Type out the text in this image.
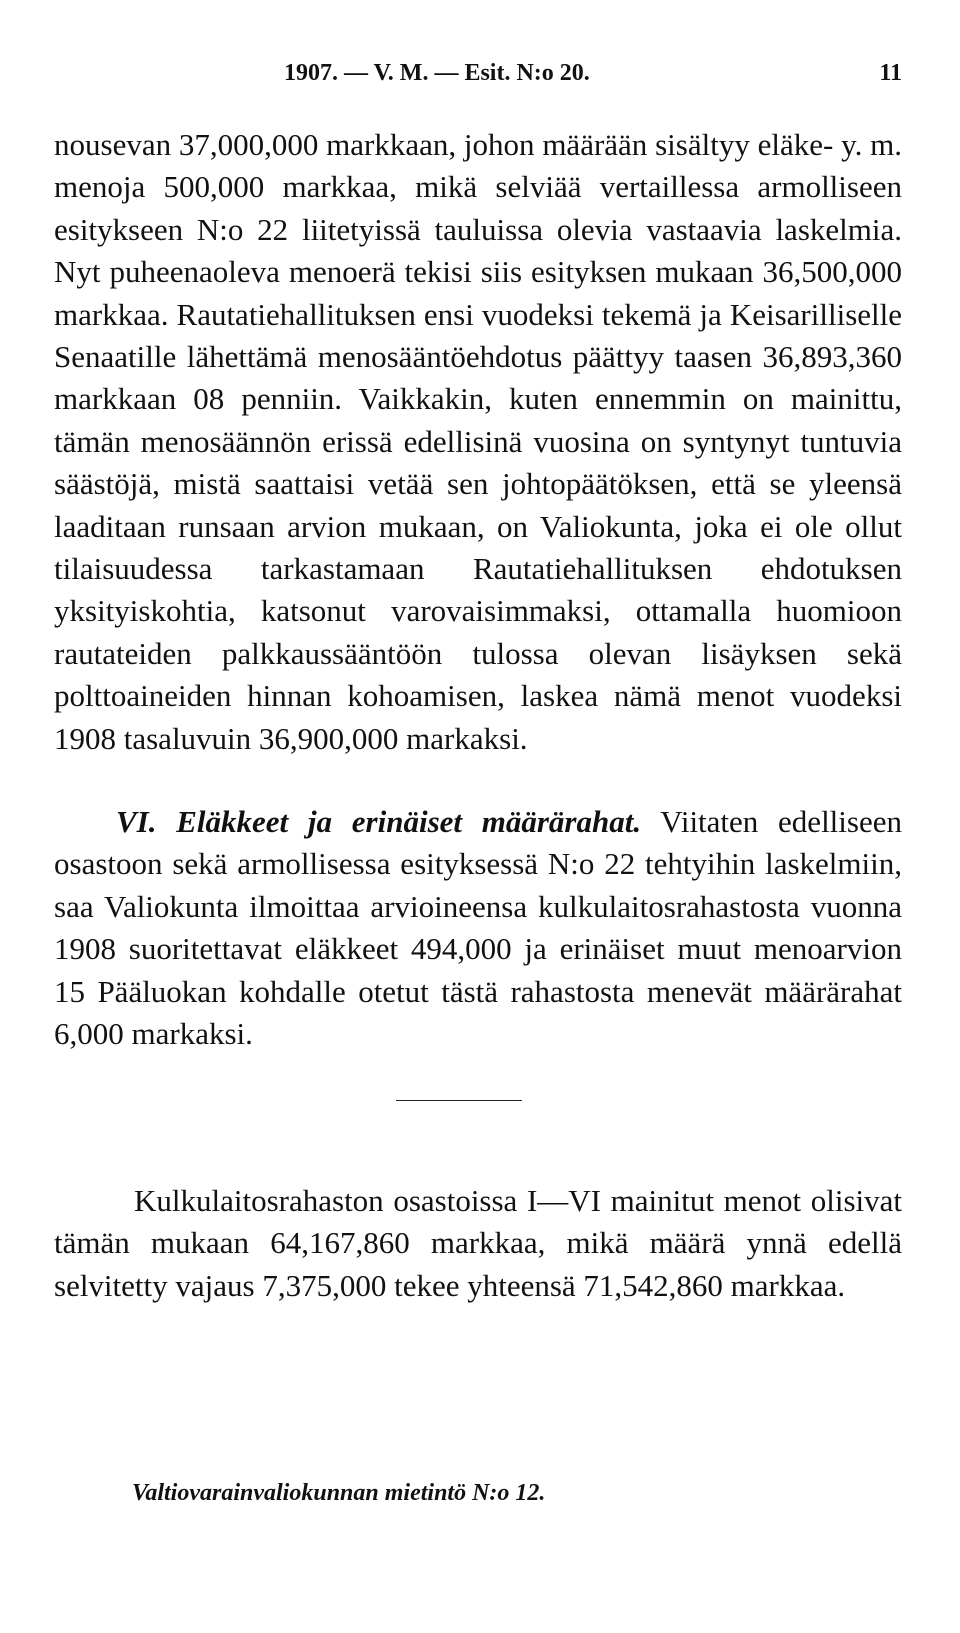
1907. — V. M. — Esit. N:o 20.	11

nousevan 37,000,000 markkaan, johon määrään sisältyy eläke- y. m. menoja 500,000 markkaa, mikä selviää vertaillessa armolliseen esitykseen N:o 22 liitetyissä tauluissa olevia vastaavia laskelmia. Nyt puheenaoleva menoerä tekisi siis esityksen mukaan 36,500,000 markkaa. Rautatiehallituksen ensi vuodeksi tekemä ja Keisarilliselle Senaatille lähettämä menosääntöehdotus päättyy taasen 36,893,360 markkaan 08 penniin. Vaikkakin, kuten ennemmin on mainittu, tämän menosäännön erissä edellisinä vuosina on syntynyt tuntuvia säästöjä, mistä saattaisi vetää sen johtopäätöksen, että se yleensä laaditaan runsaan arvion mukaan, on Valiokunta, joka ei ole ollut tilaisuudessa tarkastamaan Rautatiehallituksen ehdotuksen yksityiskohtia, katsonut varovaisimmaksi, ottamalla huomioon rautateiden palkkaussääntöön tulossa olevan lisäyksen sekä polttoaineiden hinnan kohoamisen, laskea nämä menot vuodeksi 1908 tasaluvuin 36,900,000 markaksi.

VI. Eläkkeet ja erinäiset määrärahat. Viitaten edelliseen osastoon sekä armollisessa esityksessä N:o 22 tehtyihin laskelmiin, saa Valiokunta ilmoittaa arvioineensa kulkulaitosrahastosta vuonna 1908 suoritettavat eläkkeet 494,000 ja erinäiset muut menoarvion 15 Pääluokan kohdalle otetut tästä rahastosta menevät määrärahat 6,000 markaksi.

Kulkulaitosrahaston osastoissa I—VI mainitut menot olisivat tämän mukaan 64,167,860 markkaa, mikä määrä ynnä edellä selvitetty vajaus 7,375,000 tekee yhteensä 71,542,860 markkaa.

Valtiovarainvaliokunnan mietintö N:o 12.
